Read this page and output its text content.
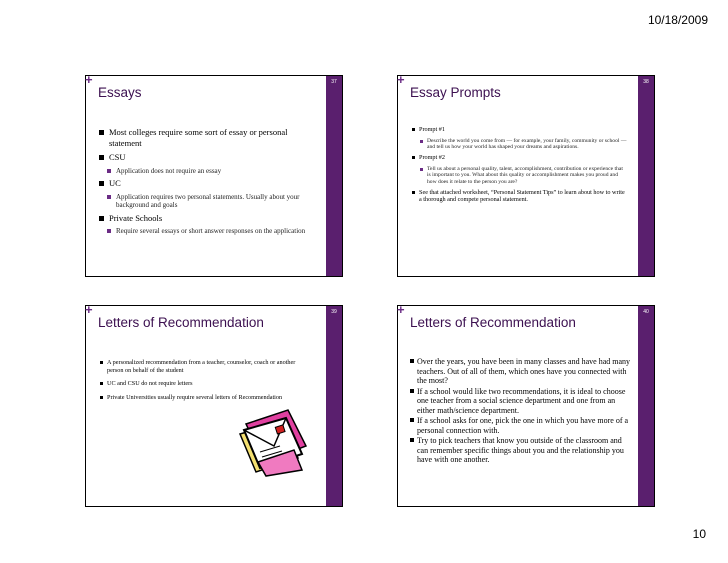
10/18/2009
37
Essays
Most colleges require some sort of essay or personal statement
CSU
Application does not require an essay
UC
Application requires two personal statements. Usually about your background and goals
Private Schools
Require several essays or short answer responses on the application
+	38
Essay Prompts
Prompt #1
Describe the world you come from — for example, your family, community or school — and tell us how your world has shaped your dreams and aspirations.
Prompt #2
Tell us about a personal quality, talent, accomplishment, contribution or experience that is important to you. What about this quality or accomplishment makes you proud and how does it relate to the person you are?
See that attached worksheet, “Personal Statement Tips” to learn about how to write a thorough and compete personal statement.
+
39
Letters of Recommendation
A personalized recommendation from a teacher, counselor, coach or another person on behalf of the student
UC and CSU do not require letters
Private Universities usually require several letters of Recommendation
+	40
Letters of Recommendation
Over the years, you have been in many classes and have had many teachers. Out of all of them, which ones have you connected with the most?
If a school would like two recommendations, it is ideal to choose one teacher from a social science department and one from an either math/science department.
If a school asks for one, pick the one in which you have more of a personal connection with.
Try to pick teachers that know you outside of the classroom and can remember specific things about you and the relationship you have with one another.
+
10
